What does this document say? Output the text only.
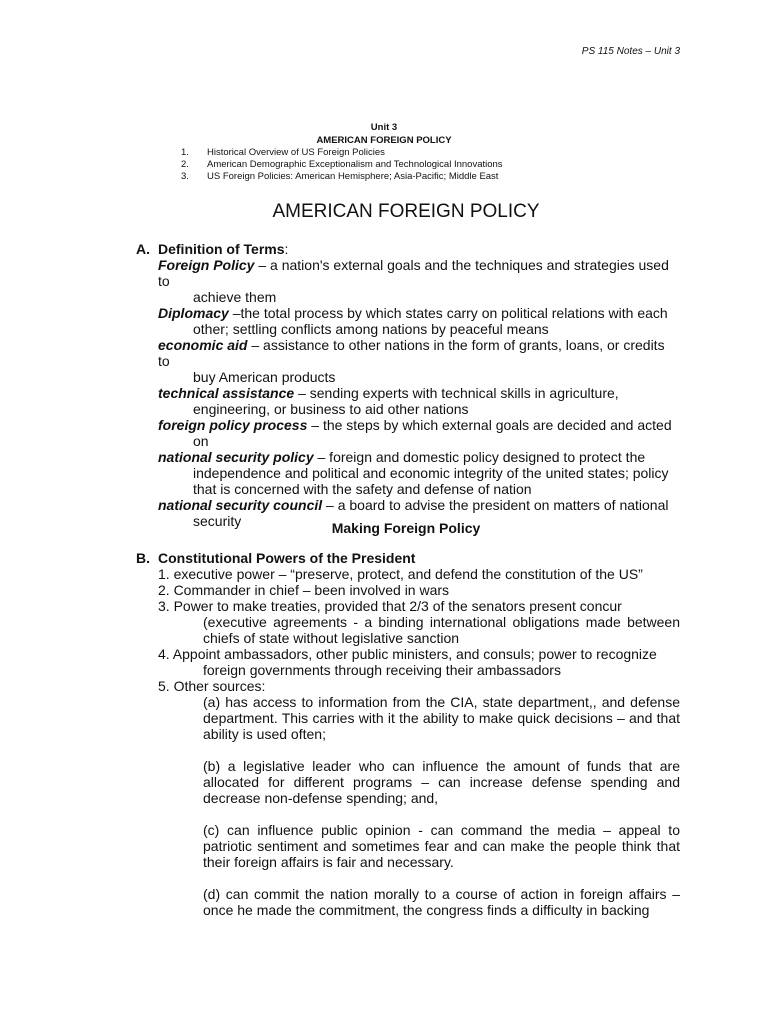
PS 115 Notes – Unit 3
Unit 3
AMERICAN FOREIGN POLICY
1.	Historical Overview of US Foreign Policies
2.	American Demographic Exceptionalism and Technological Innovations
3.	US Foreign Policies: American Hemisphere; Asia-Pacific; Middle East
AMERICAN FOREIGN POLICY
A. Definition of Terms:
Foreign Policy – a nation's external goals and the techniques and strategies used to
achieve them
Diplomacy –the total process by which states carry on political relations with each
other; settling conflicts among nations by peaceful means
economic aid – assistance to other nations in the form of grants, loans, or credits to
buy American products
technical assistance – sending experts with technical skills in agriculture,
engineering, or business to aid other nations
foreign policy process – the steps by which external goals are decided and acted
on
national security policy – foreign and domestic policy designed to protect the
independence and political and economic integrity of the united states; policy that is concerned with the safety and defense of nation
national security council – a board to advise the president on matters of national
security	Making Foreign Policy
B. Constitutional Powers of the President
1. executive power – “preserve, protect, and defend the constitution of the US”
2. Commander in chief – been involved in wars
3. Power to make treaties, provided that 2/3 of the senators present concur
(executive agreements - a binding international obligations made between chiefs of state without legislative sanction
4. Appoint ambassadors, other public ministers, and consuls; power to recognize
foreign governments through receiving their ambassadors
5. Other sources:
(a) has access to information from the CIA, state department,, and defense department. This carries with it the ability to make quick decisions – and that ability is used often;
(b) a legislative leader who can influence the amount of funds that are allocated for different programs – can increase defense spending and decrease non-defense spending; and,
(c) can influence public opinion - can command the media – appeal to patriotic sentiment and sometimes fear and can make the people think that their foreign affairs is fair and necessary.
(d) can commit the nation morally to a course of action in foreign affairs – once he made the commitment, the congress finds a difficulty in backing
